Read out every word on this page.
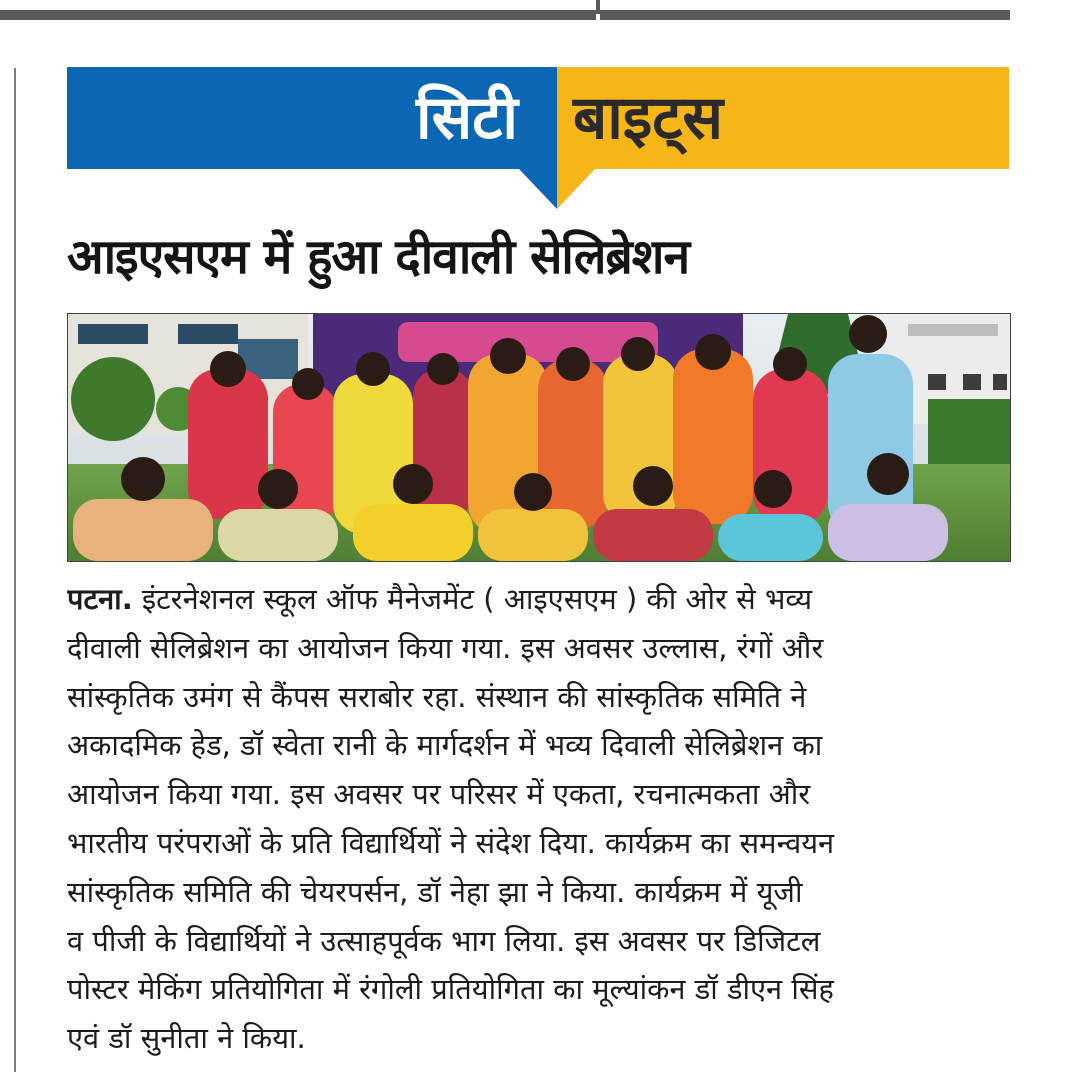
सिटी बाइट्स
आइएसएम में हुआ दीवाली सेलिब्रेशन
पटना. इंटरनेशनल स्कूल ऑफ मैनेजमेंट ( आइएसएम ) की ओर से भव्य
दीवाली सेलिब्रेशन का आयोजन किया गया. इस अवसर उल्लास, रंगों और
सांस्कृतिक उमंग से कैंपस सराबोर रहा. संस्थान की सांस्कृतिक समिति ने
अकादमिक हेड, डॉ स्वेता रानी के मार्गदर्शन में भव्य दिवाली सेलिब्रेशन का
आयोजन किया गया. इस अवसर पर परिसर में एकता, रचनात्मकता और
भारतीय परंपराओं के प्रति विद्यार्थियों ने संदेश दिया. कार्यक्रम का समन्वयन
सांस्कृतिक समिति की चेयरपर्सन, डॉ नेहा झा ने किया. कार्यक्रम में यूजी
व पीजी के विद्यार्थियों ने उत्साहपूर्वक भाग लिया. इस अवसर पर डिजिटल
पोस्टर मेकिंग प्रतियोगिता में रंगोली प्रतियोगिता का मूल्यांकन डॉ डीएन सिंह
एवं डॉ सुनीता ने किया.
